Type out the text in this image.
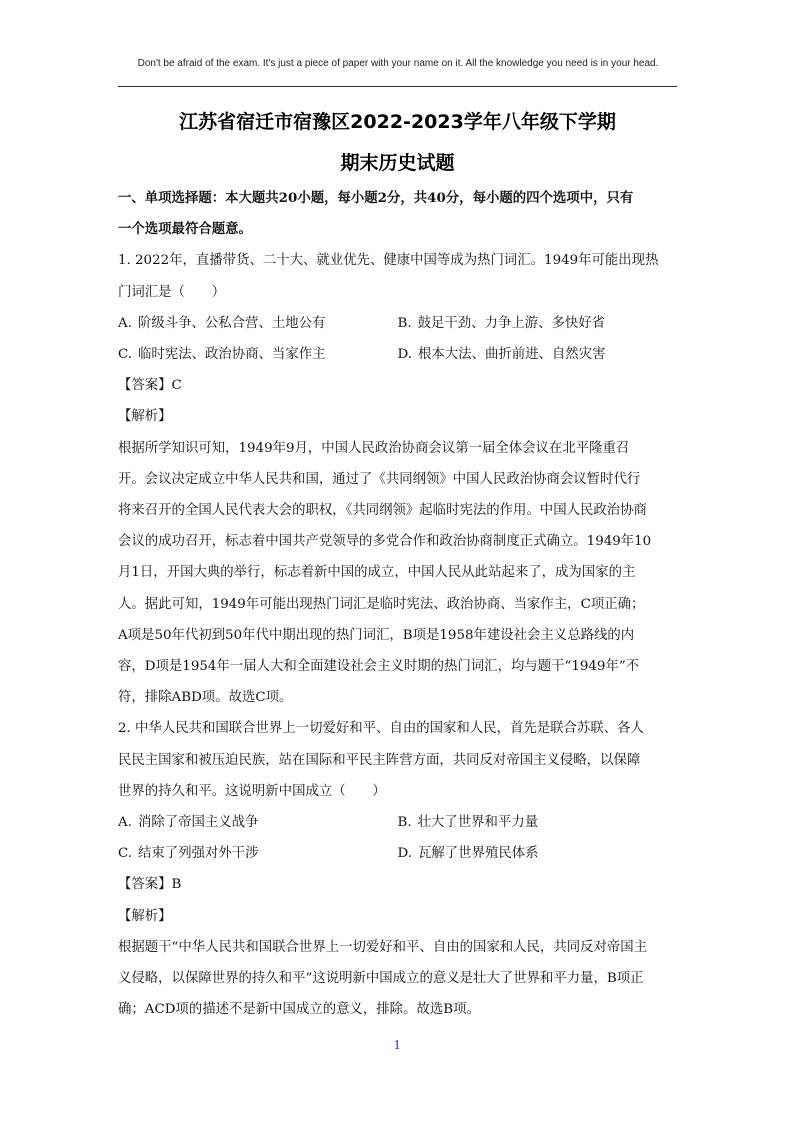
Don't be afraid of the exam. It's just a piece of paper with your name on it. All the knowledge you need is in your head.
江苏省宿迁市宿豫区2022-2023学年八年级下学期
期末历史试题

一、单项选择题：本大题共20小题，每小题2分，共40分，每小题的四个选项中，只有

一个选项最符合题意。

1. 2022年，直播带货、二十大、就业优先、健康中国等成为热门词汇。1949年可能出现热

门词汇是（　　）

A. 阶级斗争、公私合营、土地公有	B. 鼓足干劲、力争上游、多快好省
C. 临时宪法、政治协商、当家作主	D. 根本大法、曲折前进、自然灾害

【答案】C

【解析】

根据所学知识可知，1949年9月，中国人民政治协商会议第一届全体会议在北平隆重召

开。会议决定成立中华人民共和国，通过了《共同纲领》中国人民政治协商会议暂时代行

将来召开的全国人民代表大会的职权，《共同纲领》起临时宪法的作用。中国人民政治协商

会议的成功召开，标志着中国共产党领导的多党合作和政治协商制度正式确立。1949年10

月1日，开国大典的举行，标志着新中国的成立，中国人民从此站起来了，成为国家的主

人。据此可知，1949年可能出现热门词汇是临时宪法、政治协商、当家作主，C项正确；

A项是50年代初到50年代中期出现的热门词汇，B项是1958年建设社会主义总路线的内

容，D项是1954年一届人大和全面建设社会主义时期的热门词汇，均与题干“1949年”不

符，排除ABD项。故选C项。

2. 中华人民共和国联合世界上一切爱好和平、自由的国家和人民，首先是联合苏联、各人

民民主国家和被压迫民族，站在国际和平民主阵营方面，共同反对帝国主义侵略，以保障

世界的持久和平。这说明新中国成立（　　）

A. 消除了帝国主义战争	B. 壮大了世界和平力量
C. 结束了列强对外干涉	D. 瓦解了世界殖民体系

【答案】B

【解析】

根据题干“中华人民共和国联合世界上一切爱好和平、自由的国家和人民，共同反对帝国主

义侵略，以保障世界的持久和平”这说明新中国成立的意义是壮大了世界和平力量，B项正

确；ACD项的描述不是新中国成立的意义，排除。故选B项。

1
